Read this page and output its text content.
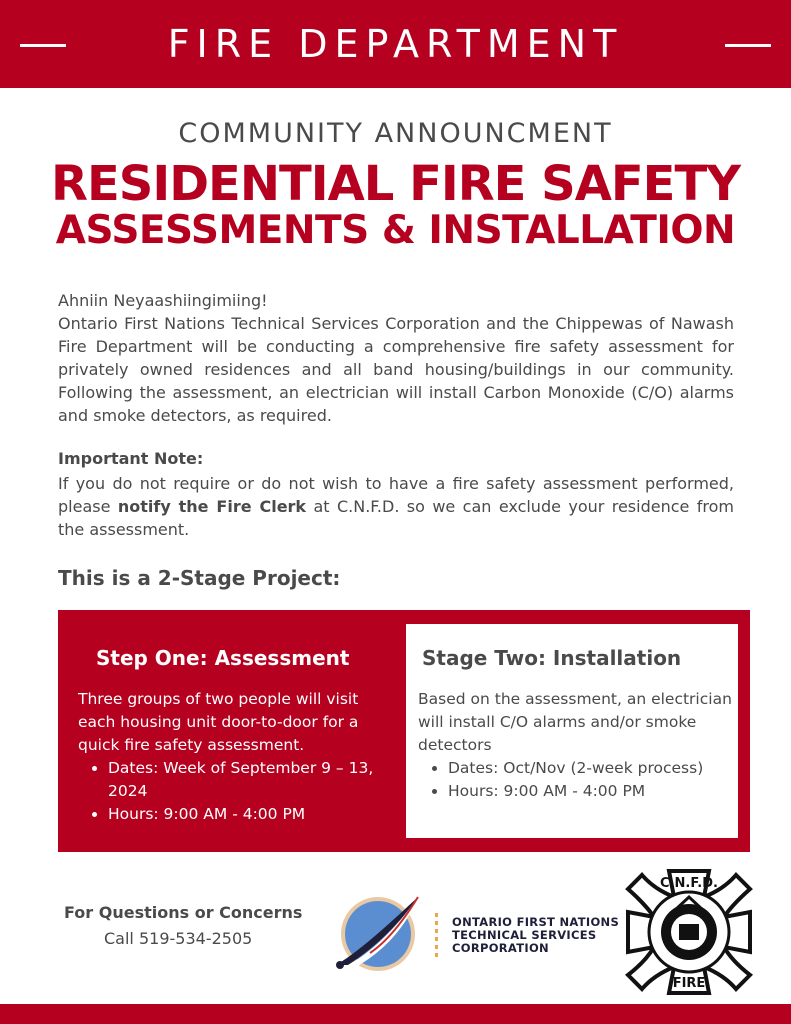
FIRE DEPARTMENT
COMMUNITY ANNOUNCMENT
RESIDENTIAL FIRE SAFETY
ASSESSMENTS & INSTALLATION
Ahniin Neyaashiingimiing!
Ontario First Nations Technical Services Corporation and the Chippewas of Nawash Fire Department will be conducting a comprehensive fire safety assessment for privately owned residences and all band housing/buildings in our community. Following the assessment, an electrician will install Carbon Monoxide (C/O) alarms and smoke detectors, as required.
Important Note:
If you do not require or do not wish to have a fire safety assessment performed, please notify the Fire Clerk at C.N.F.D. so we can exclude your residence from the assessment.
This is a 2-Stage Project:
Step One: Assessment

Three groups of two people will visit each housing unit door-to-door for a quick fire safety assessment.

• Dates: Week of September 9 – 13, 2024
• Hours: 9:00 AM - 4:00 PM
Stage Two: Installation

Based on the assessment, an electrician will install C/O alarms and/or smoke detectors

• Dates: Oct/Nov (2-week process)
• Hours: 9:00 AM - 4:00 PM
For Questions or Concerns
Call 519-534-2505
ONTARIO FIRST NATIONS
TECHNICAL SERVICES
CORPORATION
C.N.F.D.
FIRE
